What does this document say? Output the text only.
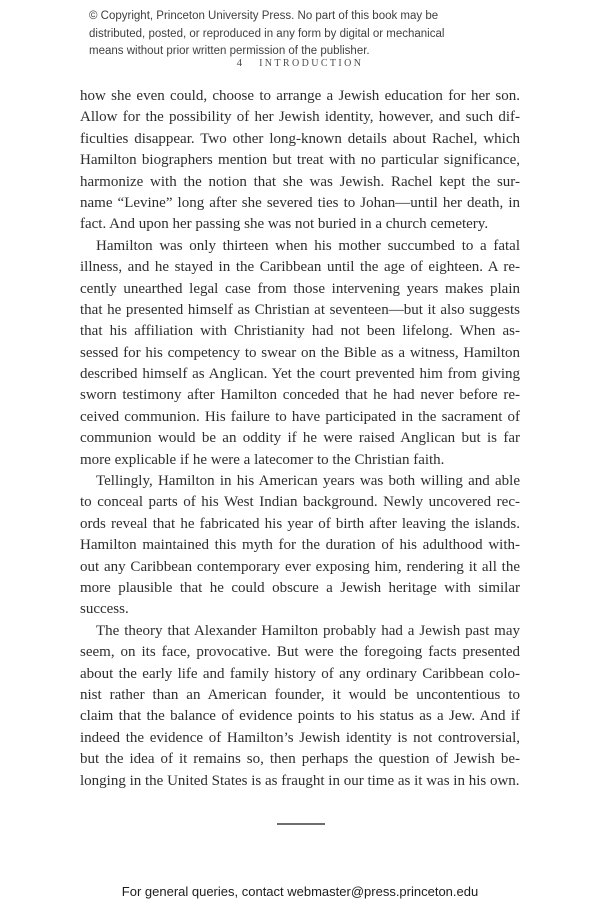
© Copyright, Princeton University Press. No part of this book may be
distributed, posted, or reproduced in any form by digital or mechanical
means without prior written permission of the publisher.
4 INTRODUCTION
how she even could, choose to arrange a Jewish education for her son.
Allow for the possibility of her Jewish identity, however, and such dif-
ficulties disappear. Two other long-known details about Rachel, which
Hamilton biographers mention but treat with no particular significance,
harmonize with the notion that she was Jewish. Rachel kept the sur-
name “Levine” long after she severed ties to Johan—until her death, in
fact. And upon her passing she was not buried in a church cemetery.
Hamilton was only thirteen when his mother succumbed to a fatal
illness, and he stayed in the Caribbean until the age of eighteen. A re-
cently unearthed legal case from those intervening years makes plain
that he presented himself as Christian at seventeen—but it also suggests
that his affiliation with Christianity had not been lifelong. When as-
sessed for his competency to swear on the Bible as a witness, Hamilton
described himself as Anglican. Yet the court prevented him from giving
sworn testimony after Hamilton conceded that he had never before re-
ceived communion. His failure to have participated in the sacrament of
communion would be an oddity if he were raised Anglican but is far
more explicable if he were a latecomer to the Christian faith.
Tellingly, Hamilton in his American years was both willing and able
to conceal parts of his West Indian background. Newly uncovered rec-
ords reveal that he fabricated his year of birth after leaving the islands.
Hamilton maintained this myth for the duration of his adulthood with-
out any Caribbean contemporary ever exposing him, rendering it all the
more plausible that he could obscure a Jewish heritage with similar
success.
The theory that Alexander Hamilton probably had a Jewish past may
seem, on its face, provocative. But were the foregoing facts presented
about the early life and family history of any ordinary Caribbean colo-
nist rather than an American founder, it would be uncontentious to
claim that the balance of evidence points to his status as a Jew. And if
indeed the evidence of Hamilton’s Jewish identity is not controversial,
but the idea of it remains so, then perhaps the question of Jewish be-
longing in the United States is as fraught in our time as it was in his own.
For general queries, contact webmaster@press.princeton.edu
